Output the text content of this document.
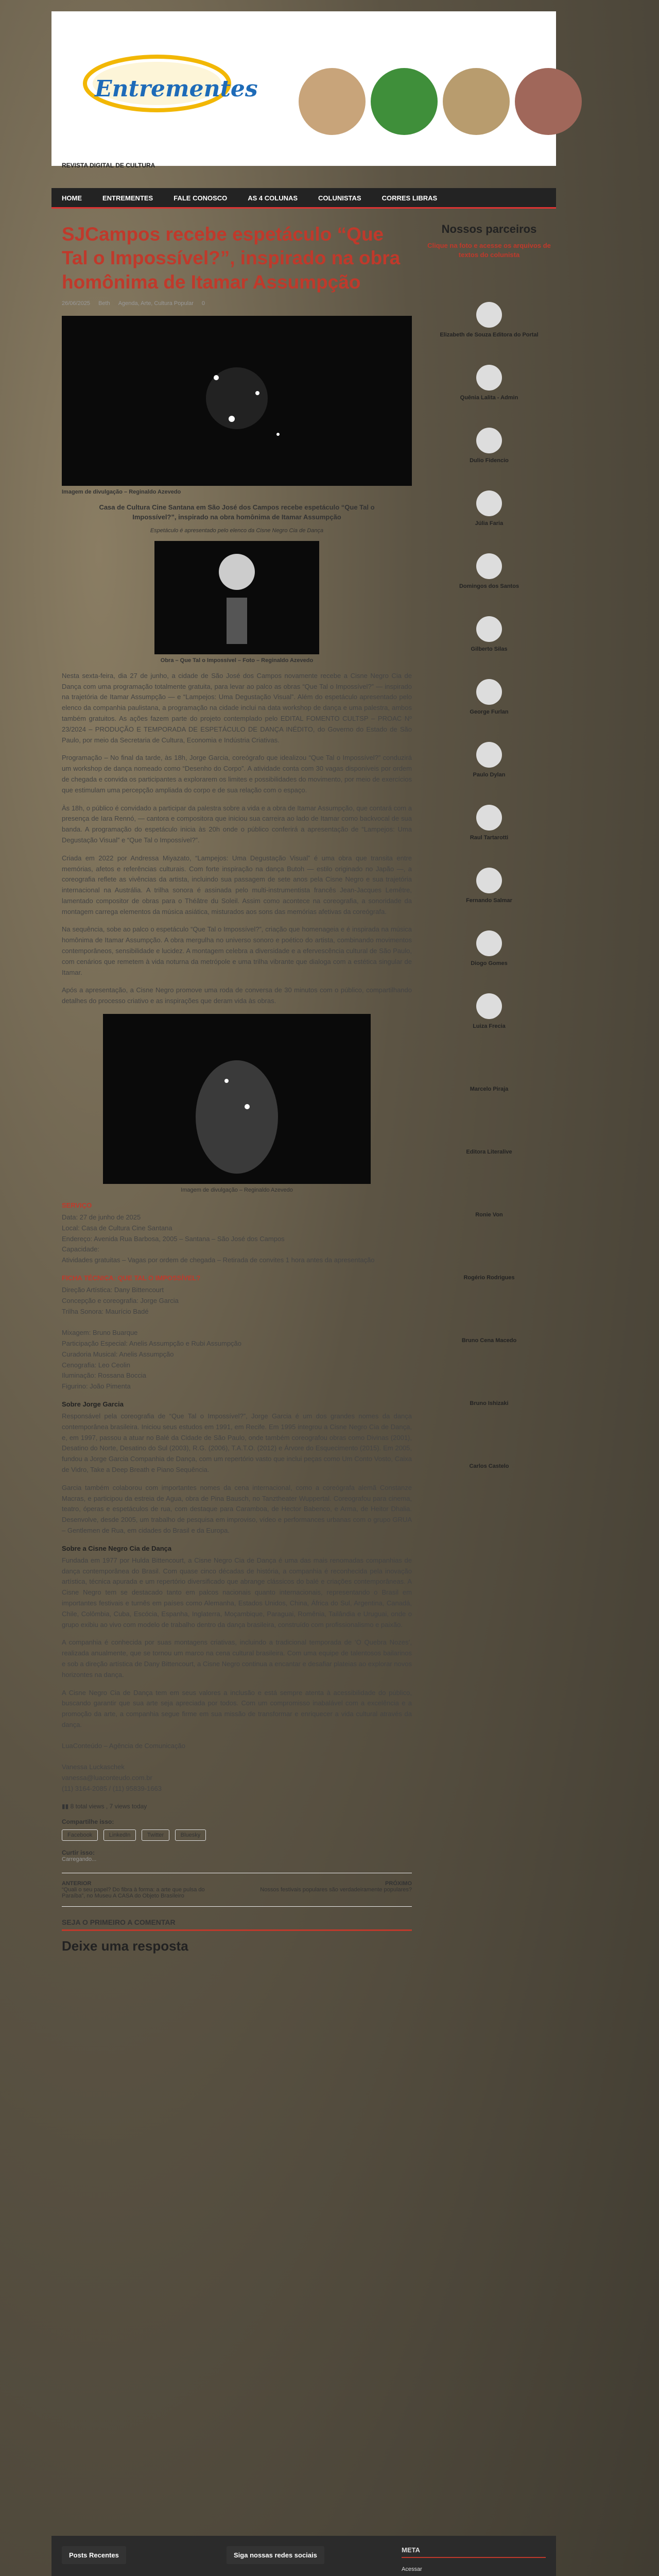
Entrementes
REVISTA DIGITAL DE CULTURA
HOME	ENTREMENTES	FALE CONOSCO	AS 4 COLUNAS	COLUNISTAS	CORRES LIBRAS
SJCampos recebe espetáculo “Que Tal o Impossível?”, inspirado na obra homônima de Itamar Assumpção
26/06/2025 Beth Agenda, Arte, Cultura Popular 0

Imagem de divulgação – Reginaldo Azevedo

Casa de Cultura Cine Santana em São José dos Campos recebe espetáculo “Que Tal o Impossível?”, inspirado na obra homônima de Itamar Assumpção

Espetáculo é apresentado pelo elenco da Cisne Negro Cia de Dança

Obra – Que Tal o Impossível – Foto – Reginaldo Azevedo

Nesta sexta-feira, dia 27 de junho, a cidade de São José dos Campos novamente recebe a Cisne Negro Cia de Dança com uma programação totalmente gratuita, para levar ao palco as obras “Que Tal o Impossível?” — inspirado na trajetória de Itamar Assumpção — e “Lampejos: Uma Degustação Visual”. Além do espetáculo apresentado pelo elenco da companhia paulistana, a programação na cidade inclui na data workshop de dança e uma palestra, ambos também gratuitos. As ações fazem parte do projeto contemplado pelo EDITAL FOMENTO CULTSP – PROAC Nº 23/2024 – PRODUÇÃO E TEMPORADA DE ESPETÁCULO DE DANÇA INÉDITO, do Governo do Estado de São Paulo, por meio da Secretaria de Cultura, Economia e Indústria Criativas.

Programação – No final da tarde, às 18h, Jorge Garcia, coreógrafo que idealizou “Que Tal o Impossível?” conduzirá um workshop de dança nomeado como “Desenho do Corpo”. A atividade conta com 30 vagas disponíveis por ordem de chegada e convida os participantes a explorarem os limites e possibilidades do movimento, por meio de exercícios que estimulam uma percepção ampliada do corpo e de sua relação com o espaço.

Às 18h, o público é convidado a participar da palestra sobre a vida e a obra de Itamar Assumpção, que contará com a presença de Iara Rennó, — cantora e compositora que iniciou sua carreira ao lado de Itamar como backvocal de sua banda. A programação do espetáculo inicia às 20h onde o público conferirá a apresentação de “Lampejos: Uma Degustação Visual” e “Que Tal o Impossível?”.

Criada em 2022 por Andressa Miyazato, “Lampejos: Uma Degustação Visual” é uma obra que transita entre memórias, afetos e referências culturais. Com forte inspiração na dança Butoh — estilo originado no Japão —, a coreografia reflete as vivências da artista, incluindo sua passagem de sete anos pela Cisne Negro e sua trajetória internacional na Austrália. A trilha sonora é assinada pelo multi-instrumentista francês Jean-Jacques Lemêtre, lamentado compositor de obras para o Théâtre du Soleil. Assim como acontece na coreografia, a sonoridade da montagem carrega elementos da música asiática, misturados aos sons das memórias afetivas da coreógrafa.

Na sequência, sobe ao palco o espetáculo “Que Tal o Impossível?”, criação que homenageia e é inspirada na música homônima de Itamar Assumpção. A obra mergulha no universo sonoro e poético do artista, combinando movimentos contemporâneos, sensibilidade e lucidez. A montagem celebra a diversidade e a efervescência cultural de São Paulo, com cenários que remetem à vida noturna da metrópole e uma trilha vibrante que dialoga com a estética singular de Itamar.

Após a apresentação, a Cisne Negro promove uma roda de conversa de 30 minutos com o público, compartilhando detalhes do processo criativo e as inspirações que deram vida às obras.

Imagem de divulgação – Reginaldo Azevedo

SERVIÇO
Data: 27 de junho de 2025
Local: Casa de Cultura Cine Santana
Endereço: Avenida Rua Barbosa, 2005 – Santana – São José dos Campos
Capacidade:
Atividades gratuitas – Vagas por ordem de chegada – Retirada de convites 1 hora antes da apresentação
FICHA TÉCNICA: QUE TAL O IMPOSSÍVEL?
Direção Artística: Dany Bittencourt
Concepção e coreografia: Jorge Garcia
Trilha Sonora: Maurício Badé

Mixagem: Bruno Buarque
Participação Especial: Anelis Assumpção e Rubi Assumpção
Curadoria Musical: Anelis Assumpção
Cenografia: Leo Ceolin
Iluminação: Rossana Boccia
Figurino: João Pimenta
Sobre Jorge Garcia

Responsável pela coreografia de “Que Tal o Impossível?”, Jorge Garcia é um dos grandes nomes da dança contemporânea brasileira. Iniciou seus estudos em 1991, em Recife. Em 1995 integrou a Cisne Negro Cia de Dança, e, em 1997, passou a atuar no Balé da Cidade de São Paulo, onde também coreografou obras como Divinas (2001), Desatino do Norte, Desatino do Sul (2003), R.G. (2006), T.A.T.O. (2012) e Árvore do Esquecimento (2015). Em 2005, fundou a Jorge Garcia Companhia de Dança, com um repertório vasto que inclui peças como Um Conto Vosto, Caixa de Vidro, Take a Deep Breath e Piano Sequência.

Garcia também colaborou com importantes nomes da cena internacional, como a coreógrafa alemã Constanze Macras, e participou da estreia de Agua, obra de Pina Bausch, no Tanztheater Wuppertal. Coreografou para cinema, teatro, óperas e espetáculos de rua, com destaque para Caramboa, de Hector Babenco, e Arma, de Heitor Dhalia. Desenvolve, desde 2005, um trabalho de pesquisa em improviso, vídeo e performances urbanas com o grupo GRUA – Gentlemen de Rua, em cidades do Brasil e da Europa.

Sobre a Cisne Negro Cia de Dança

Fundada em 1977 por Hulda Bittencourt, a Cisne Negro Cia de Dança é uma das mais renomadas companhias de dança contemporânea do Brasil. Com quase cinco décadas de história, a companhia é reconhecida pela inovação artística, técnica apurada e um repertório diversificado que abrange clássicos do balé e criações contemporâneas. A Cisne Negro tem se destacado tanto em palcos nacionais quanto internacionais, representando o Brasil em importantes festivais e turnês em países como Alemanha, Estados Unidos, China, África do Sul, Argentina, Canadá, Chile, Colômbia, Cuba, Escócia, Espanha, Inglaterra, Moçambique, Paraguai, Romênia, Tailândia e Uruguai, onde o grupo exibiu ao vivo com modelo de trabalho dentro da dança brasileira, construído com profissionalismo e paixão.

A companhia é conhecida por suas montagens criativas, incluindo a tradicional temporada de ‘O Quebra Nozes’, realizada anualmente, que se tornou um marco na cena cultural brasileira. Com uma equipe de talentosos bailarinos e sob a direção artística de Dany Bittencourt, a Cisne Negro continua a encantar e desafiar plateias ao explorar novos horizontes na dança.

A Cisne Negro Cia de Dança tem em seus valores a inclusão e está sempre atenta à acessibilidade do público, buscando garantir que sua arte seja apreciada por todos. Com um compromisso inabalável com a excelência e a promoção da arte, a companhia segue firme em sua missão de transformar e enriquecer a vida cultural através da dança.

LuaConteúdo – Agência de Comunicação

Vanessa Luckaschek
vanessa@luaconteudo.com.br
(11) 3164-2085 / (11) 95839-1663
▮▮ 8 total views , 7 views today

Compartilhe isso:

Facebook	LinkedIn	Twitter	Bluesky

Curtir isso:

Carregando...

ANTERIOR

“Quali o seu papel? Do fibra à forma: a arte que pulsa do Paraíba”, no Museu A CASA do Objeto Brasileiro

PRÓXIMO

Nossos festivais populares são verdadeiramente populares?

SEJA O PRIMEIRO A COMENTAR
Deixe uma resposta
Nossos parceiros

Clique na foto e acesse os arquivos de textos do colunista

Elizabeth de Souza Editora do Portal
Quênia Lalita - Admin
Dulio Fidencio
Júlia Faria
Domingos dos Santos
Gilberto Silas
George Furlan
Paulo Dylan
Raul Tartarotti
Fernando Salmar
Diogo Gomes
Luiza Frecia
Marcelo Piraja
Editora Literalive
Ronie Von
Rogério Rodrigues
Bruno Cena Macedo
Bruno Ishizaki
Carlos Castelo
Posts Recentes	Siga nossas redes sociais

META

Acessar
